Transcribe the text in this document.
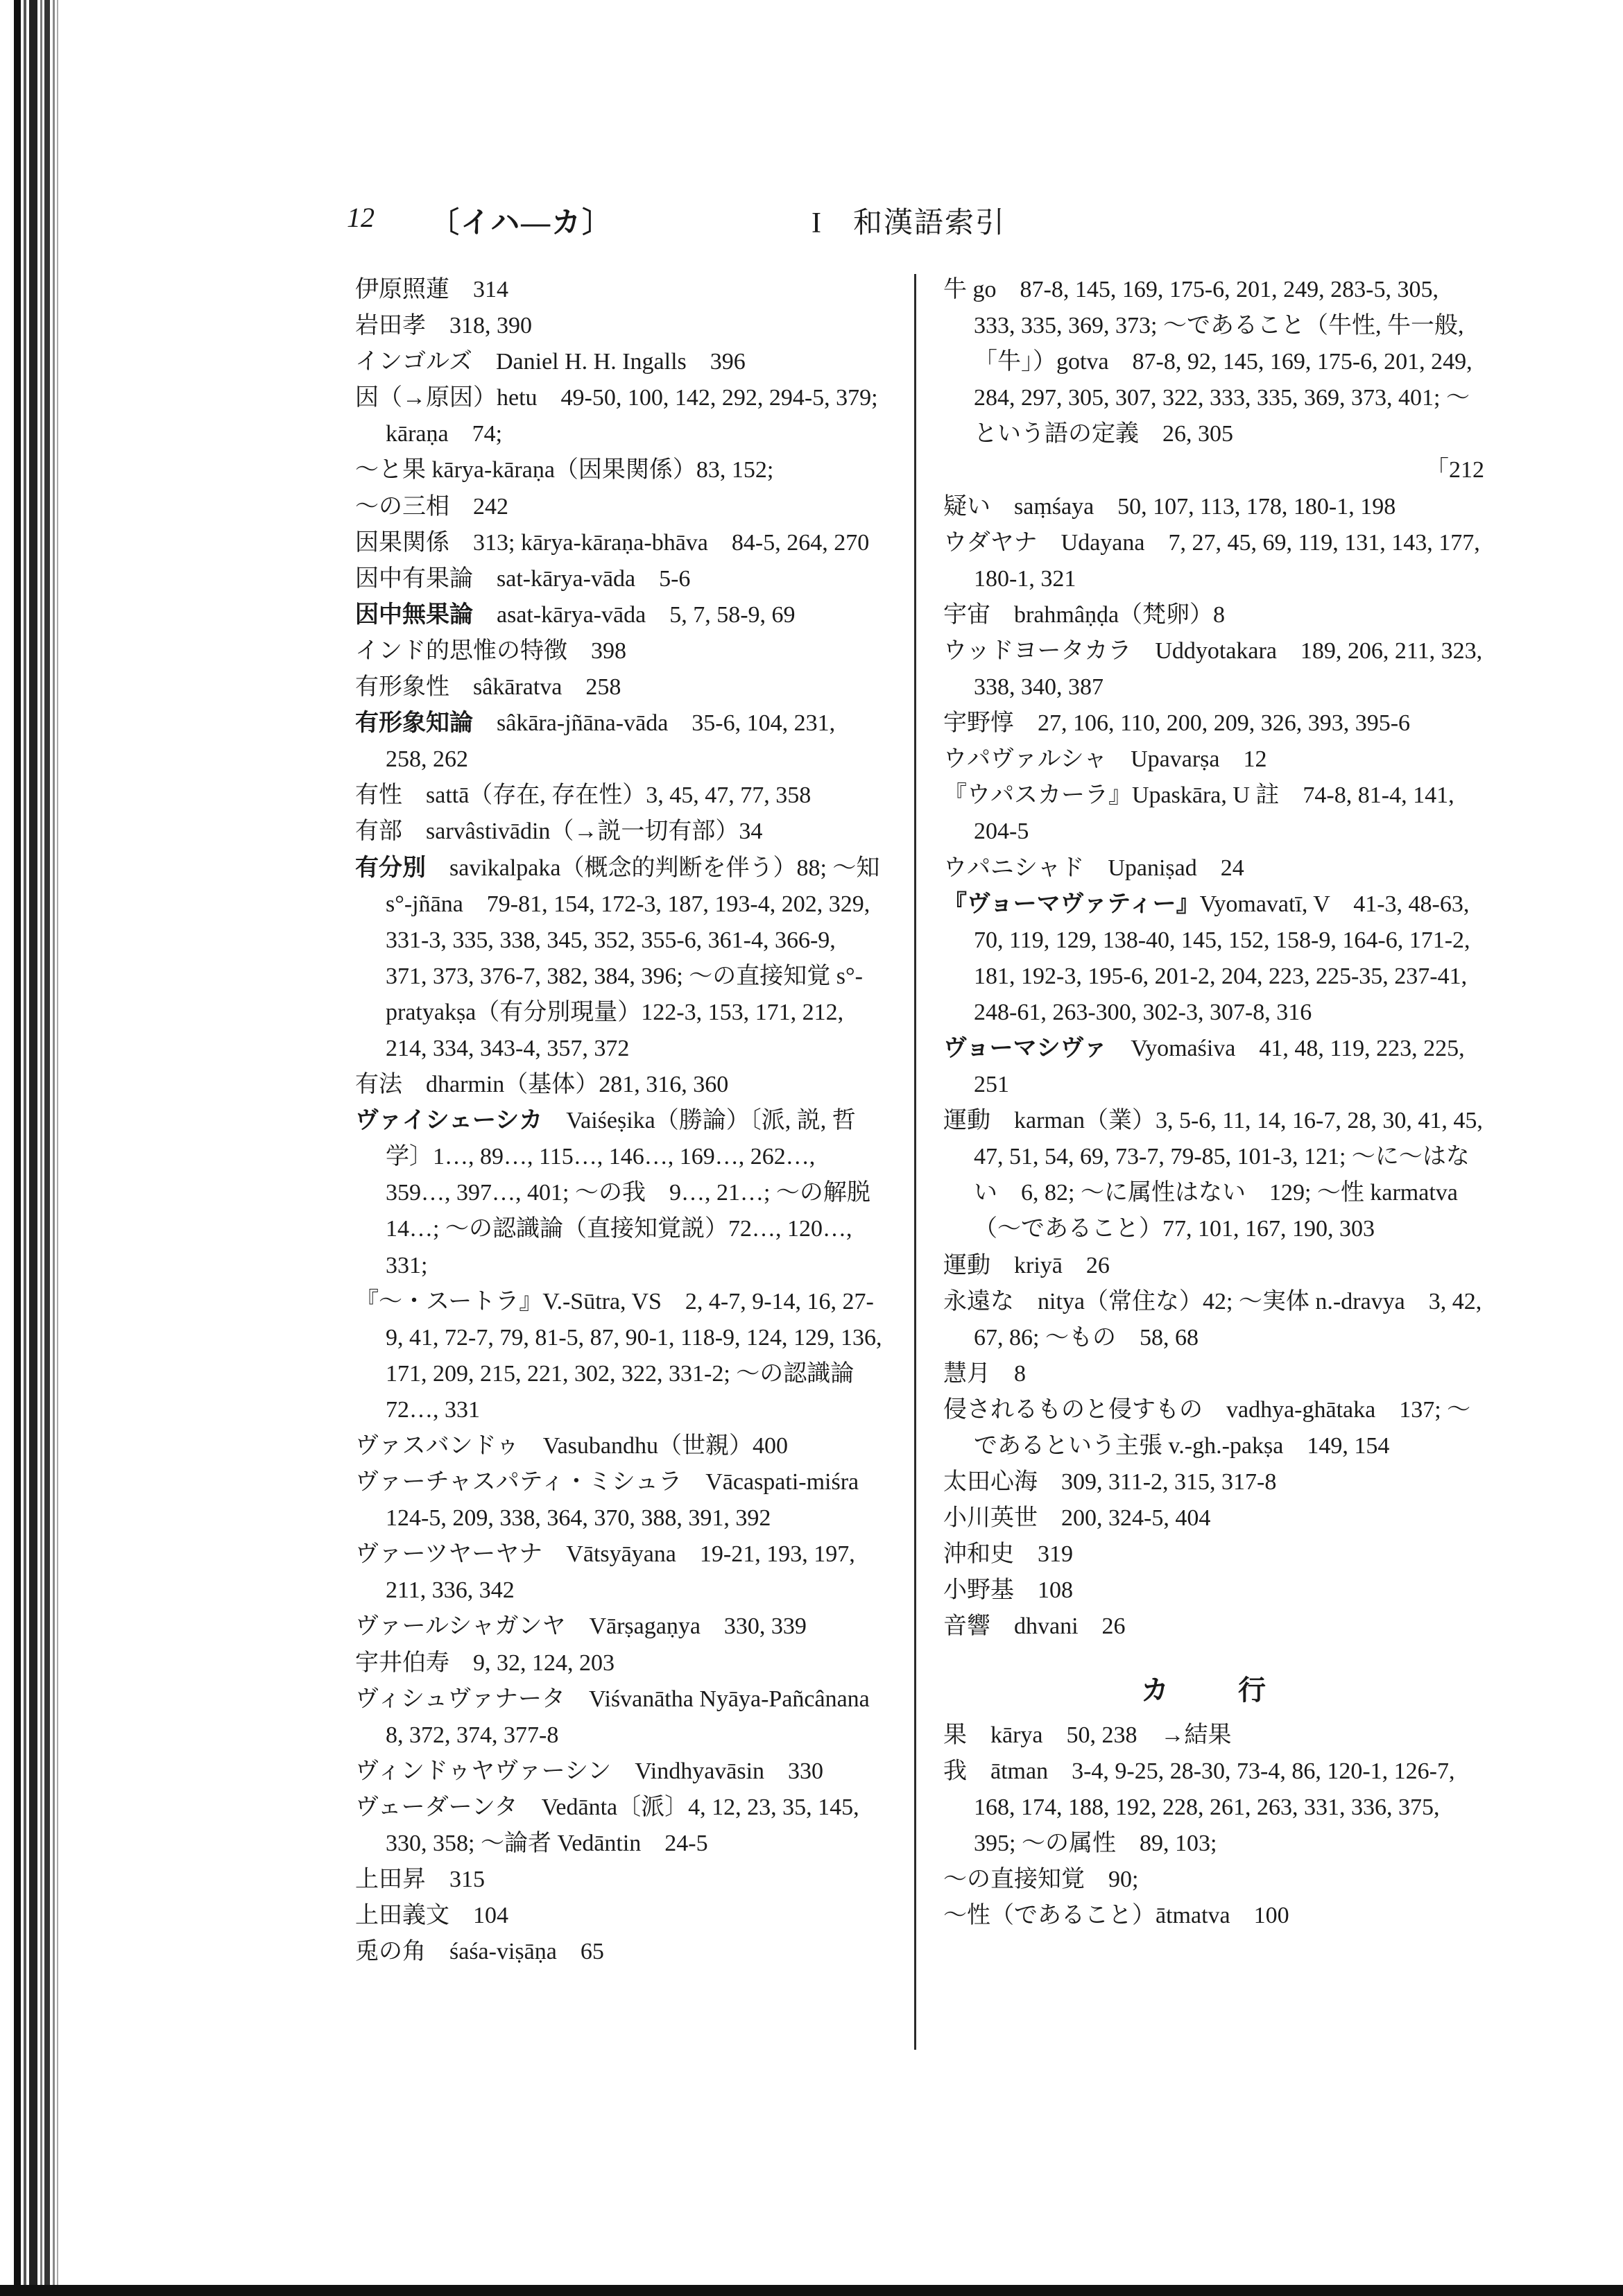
12 〔イハ—カ〕	I　和漢語索引
伊原照蓮　314
岩田孝　318, 390
インゴルズ　Daniel H. H. Ingalls　396
因（→原因）hetu　49-50, 100, 142, 292, 294-5, 379; kāraṇa　74;
～と果 kārya-kāraṇa（因果関係）83, 152;
～の三相　242
因果関係　313; kārya-kāraṇa-bhāva　84-5, 264, 270
因中有果論　sat-kārya-vāda　5-6
因中無果論　asat-kārya-vāda　5, 7, 58-9, 69
インド的思惟の特徴　398
有形象性　sâkāratva　258
有形象知論　sâkāra-jñāna-vāda　35-6, 104, 231, 258, 262
有性　sattā（存在, 存在性）3, 45, 47, 77, 358
有部　sarvâstivādin（→説一切有部）34
有分別　savikalpaka（概念的判断を伴う）88; ～知 s°-jñāna　79-81, 154, 172-3, 187, 193-4, 202, 329, 331-3, 335, 338, 345, 352, 355-6, 361-4, 366-9, 371, 373, 376-7, 382, 384, 396; ～の直接知覚 s°-pratyakṣa（有分別現量）122-3, 153, 171, 212, 214, 334, 343-4, 357, 372
有法　dharmin（基体）281, 316, 360
ヴァイシェーシカ　Vaiśeṣika（勝論）〔派, 説, 哲学〕1…, 89…, 115…, 146…, 169…, 262…, 359…, 397…, 401; ～の我　9…, 21…; ～の解脱　14…; ～の認識論（直接知覚説）72…, 120…, 331;
『～・スートラ』V.-Sūtra, VS　2, 4-7, 9-14, 16, 27-9, 41, 72-7, 79, 81-5, 87, 90-1, 118-9, 124, 129, 136, 171, 209, 215, 221, 302, 322, 331-2; ～の認識論　72…, 331
ヴァスバンドゥ　Vasubandhu（世親）400
ヴァーチャスパティ・ミシュラ　Vācaspati-miśra　124-5, 209, 338, 364, 370, 388, 391, 392
ヴァーツヤーヤナ　Vātsyāyana　19-21, 193, 197, 211, 336, 342
ヴァールシャガンヤ　Vārṣagaṇya　330, 339
宇井伯寿　9, 32, 124, 203
ヴィシュヴァナータ　Viśvanātha Nyāya-Pañcânana　8, 372, 374, 377-8
ヴィンドゥヤヴァーシン　Vindhyavāsin　330
ヴェーダーンタ　Vedānta〔派〕4, 12, 23, 35, 145, 330, 358; ～論者 Vedāntin　24-5
上田昇　315
上田義文　104
兎の角　śaśa-viṣāṇa　65
牛 go　87-8, 145, 169, 175-6, 201, 249, 283-5, 305, 333, 335, 369, 373; ～であること（牛性, 牛一般,「牛」）gotva　87-8, 92, 145, 169, 175-6, 201, 249, 284, 297, 305, 307, 322, 333, 335, 369, 373, 401; ～という語の定義　26, 305
「212
疑い　saṃśaya　50, 107, 113, 178, 180-1, 198
ウダヤナ　Udayana　7, 27, 45, 69, 119, 131, 143, 177, 180-1, 321
宇宙　brahmâṇḍa（梵卵）8
ウッドヨータカラ　Uddyotakara　189, 206, 211, 323, 338, 340, 387
宇野惇　27, 106, 110, 200, 209, 326, 393, 395-6
ウパヴァルシャ　Upavarṣa　12
『ウパスカーラ』Upaskāra, U 註　74-8, 81-4, 141, 204-5
ウパニシャド　Upaniṣad　24
『ヴョーマヴァティー』Vyomavatī, V　41-3, 48-63, 70, 119, 129, 138-40, 145, 152, 158-9, 164-6, 171-2, 181, 192-3, 195-6, 201-2, 204, 223, 225-35, 237-41, 248-61, 263-300, 302-3, 307-8, 316
ヴョーマシヴァ　Vyomaśiva　41, 48, 119, 223, 225, 251
運動　karman（業）3, 5-6, 11, 14, 16-7, 28, 30, 41, 45, 47, 51, 54, 69, 73-7, 79-85, 101-3, 121; ～に～はない　6, 82; ～に属性はない　129; ～性 karmatva（～であること）77, 101, 167, 190, 303
運動　kriyā　26
永遠な　nitya（常住な）42; ～実体 n.-dravya　3, 42, 67, 86; ～もの　58, 68
慧月　8
侵されるものと侵すもの　vadhya-ghātaka　137; ～であるという主張 v.-gh.-pakṣa　149, 154
太田心海　309, 311-2, 315, 317-8
小川英世　200, 324-5, 404
沖和史　319
小野基　108
音響　dhvani　26
カ　行
果　kārya　50, 238　→結果
我　ātman　3-4, 9-25, 28-30, 73-4, 86, 120-1, 126-7, 168, 174, 188, 192, 228, 261, 263, 331, 336, 375, 395; ～の属性　89, 103;
～の直接知覚　90;
～性（であること）ātmatva　100
